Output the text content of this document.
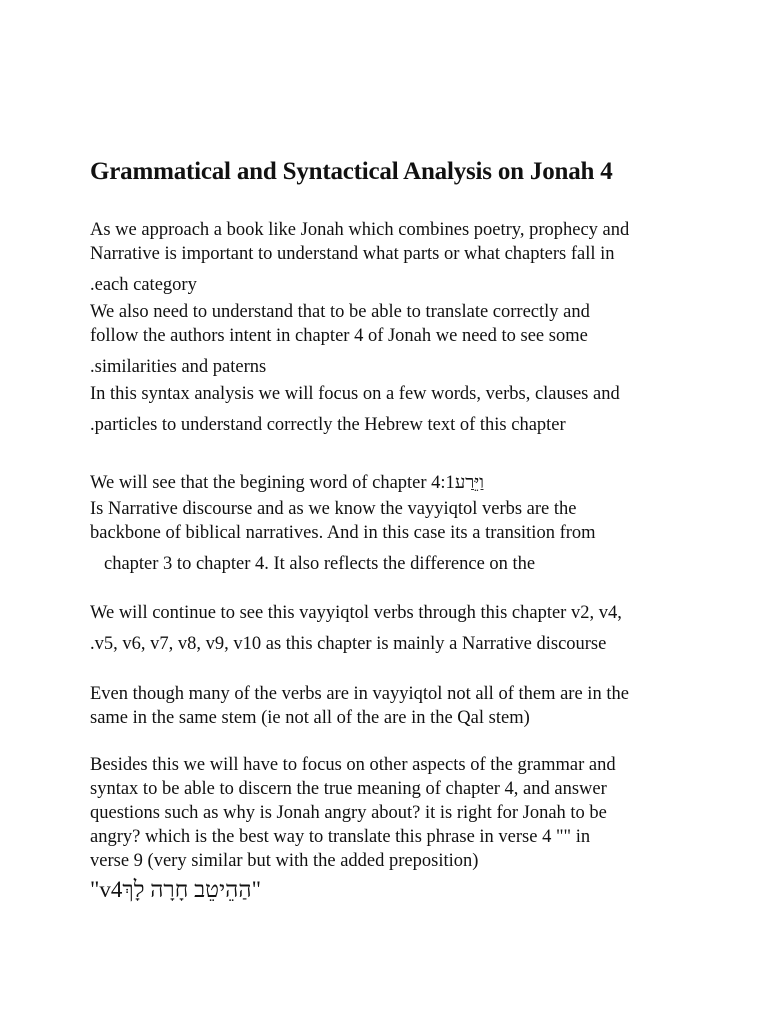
Grammatical and Syntactical Analysis on Jonah 4
As we approach a book like Jonah which combines poetry, prophecy and
Narrative is important to understand what parts or what chapters fall in
.each category
We also need to understand that to be able to translate correctly and
follow the authors intent in chapter 4 of Jonah we need to see some
.similarities and paterns
In this syntax analysis we will focus on a few words, verbs, clauses and
.particles to understand correctly the Hebrew text of this chapter
We will see that the begining word of chapter 4:1וַיֵּרַע
Is Narrative discourse and as we know the vayyiqtol verbs are the
backbone of biblical narratives. And in this case its a transition from
chapter 3 to chapter 4. It also reflects the difference on the
We will continue to see this vayyiqtol verbs through this chapter v2, v4,
.v5, v6, v7, v8, v9, v10 as this chapter is mainly a Narrative discourse
Even though many of the verbs are in vayyiqtol not all of them are in the
same in the same stem (ie not all of the are in the Qal stem)
Besides this we will have to focus on other aspects of the grammar and
syntax to be able to discern the true meaning of chapter 4, and answer
questions such as why is Jonah angry about? it is right for Jonah to be
angry? which is the best way to translate this phrase in verse 4 "" in
verse 9 (very similar but with the added preposition)
"v4הַהֵיטֵב חָרָה לָךְ"
